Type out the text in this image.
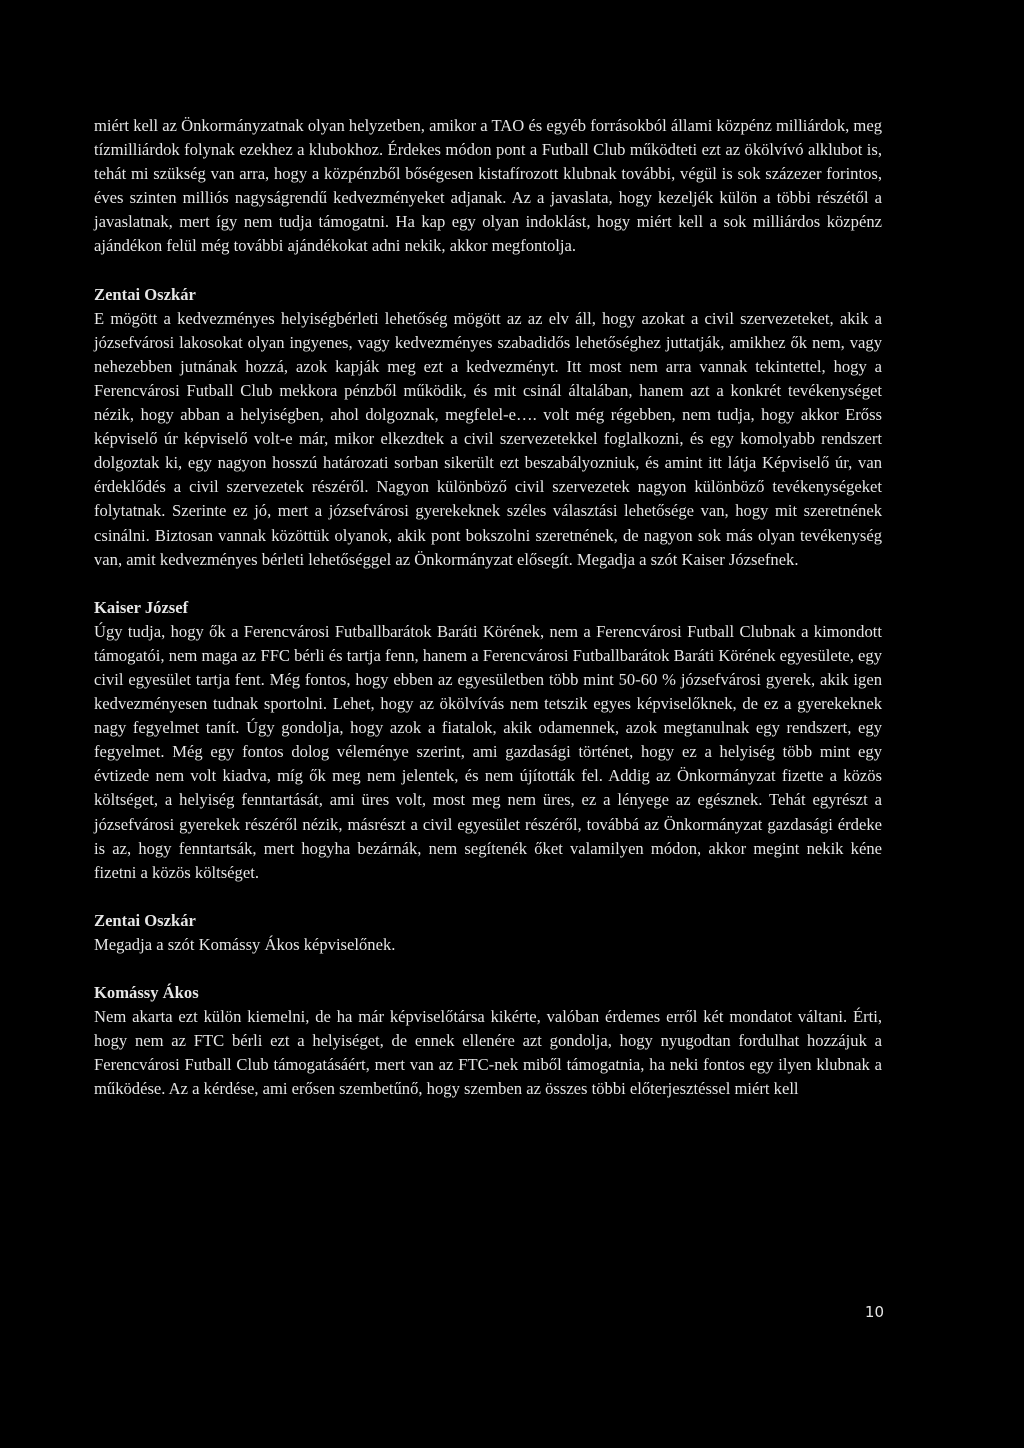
miért kell az Önkormányzatnak olyan helyzetben, amikor a TAO és egyéb forrásokból állami közpénz milliárdok, meg tízmilliárdok folynak ezekhez a klubokhoz. Érdekes módon pont a Futball Club működteti ezt az ökölvívó alklubot is, tehát mi szükség van arra, hogy a közpénzből bőségesen kistafírozott klubnak további, végül is sok százezer forintos, éves szinten milliós nagyságrendű kedvezményeket adjanak. Az a javaslata, hogy kezeljék külön a többi részétől a javaslatnak, mert így nem tudja támogatni. Ha kap egy olyan indoklást, hogy miért kell a sok milliárdos közpénz ajándékon felül még további ajándékokat adni nekik, akkor megfontolja.

Zentai Oszkár

E mögött a kedvezményes helyiségbérleti lehetőség mögött az az elv áll, hogy azokat a civil szervezeteket, akik a józsefvárosi lakosokat olyan ingyenes, vagy kedvezményes szabadidős lehetőséghez juttatják, amikhez ők nem, vagy nehezebben jutnának hozzá, azok kapják meg ezt a kedvezményt. Itt most nem arra vannak tekintettel, hogy a Ferencvárosi Futball Club mekkora pénzből működik, és mit csinál általában, hanem azt a konkrét tevékenységet nézik, hogy abban a helyiségben, ahol dolgoznak, megfelel-e…. volt még régebben, nem tudja, hogy akkor Erőss képviselő úr képviselő volt-e már, mikor elkezdtek a civil szervezetekkel foglalkozni, és egy komolyabb rendszert dolgoztak ki, egy nagyon hosszú határozati sorban sikerült ezt beszabályozniuk, és amint itt látja Képviselő úr, van érdeklődés a civil szervezetek részéről. Nagyon különböző civil szervezetek nagyon különböző tevékenységeket folytatnak. Szerinte ez jó, mert a józsefvárosi gyerekeknek széles választási lehetősége van, hogy mit szeretnének csinálni. Biztosan vannak közöttük olyanok, akik pont bokszolni szeretnének, de nagyon sok más olyan tevékenység van, amit kedvezményes bérleti lehetőséggel az Önkormányzat elősegít. Megadja a szót Kaiser Józsefnek.

Kaiser József

Úgy tudja, hogy ők a Ferencvárosi Futballbarátok Baráti Körének, nem a Ferencvárosi Futball Clubnak a kimondott támogatói, nem maga az FFC bérli és tartja fenn, hanem a Ferencvárosi Futballbarátok Baráti Körének egyesülete, egy civil egyesület tartja fent. Még fontos, hogy ebben az egyesületben több mint 50-60 % józsefvárosi gyerek, akik igen kedvezményesen tudnak sportolni. Lehet, hogy az ökölvívás nem tetszik egyes képviselőknek, de ez a gyerekeknek nagy fegyelmet tanít. Úgy gondolja, hogy azok a fiatalok, akik odamennek, azok megtanulnak egy rendszert, egy fegyelmet. Még egy fontos dolog véleménye szerint, ami gazdasági történet, hogy ez a helyiség több mint egy évtizede nem volt kiadva, míg ők meg nem jelentek, és nem újították fel. Addig az Önkormányzat fizette a közös költséget, a helyiség fenntartását, ami üres volt, most meg nem üres, ez a lényege az egésznek. Tehát egyrészt a józsefvárosi gyerekek részéről nézik, másrészt a civil egyesület részéről, továbbá az Önkormányzat gazdasági érdeke is az, hogy fenntartsák, mert hogyha bezárnák, nem segítenék őket valamilyen módon, akkor megint nekik kéne fizetni a közös költséget.

Zentai Oszkár

Megadja a szót Komássy Ákos képviselőnek.

Komássy Ákos

Nem akarta ezt külön kiemelni, de ha már képviselőtársa kikérte, valóban érdemes erről két mondatot váltani. Érti, hogy nem az FTC bérli ezt a helyiséget, de ennek ellenére azt gondolja, hogy nyugodtan fordulhat hozzájuk a Ferencvárosi Futball Club támogatásáért, mert van az FTC-nek miből támogatnia, ha neki fontos egy ilyen klubnak a működése. Az a kérdése, ami erősen szembetűnő, hogy szemben az összes többi előterjesztéssel miért kell

10
